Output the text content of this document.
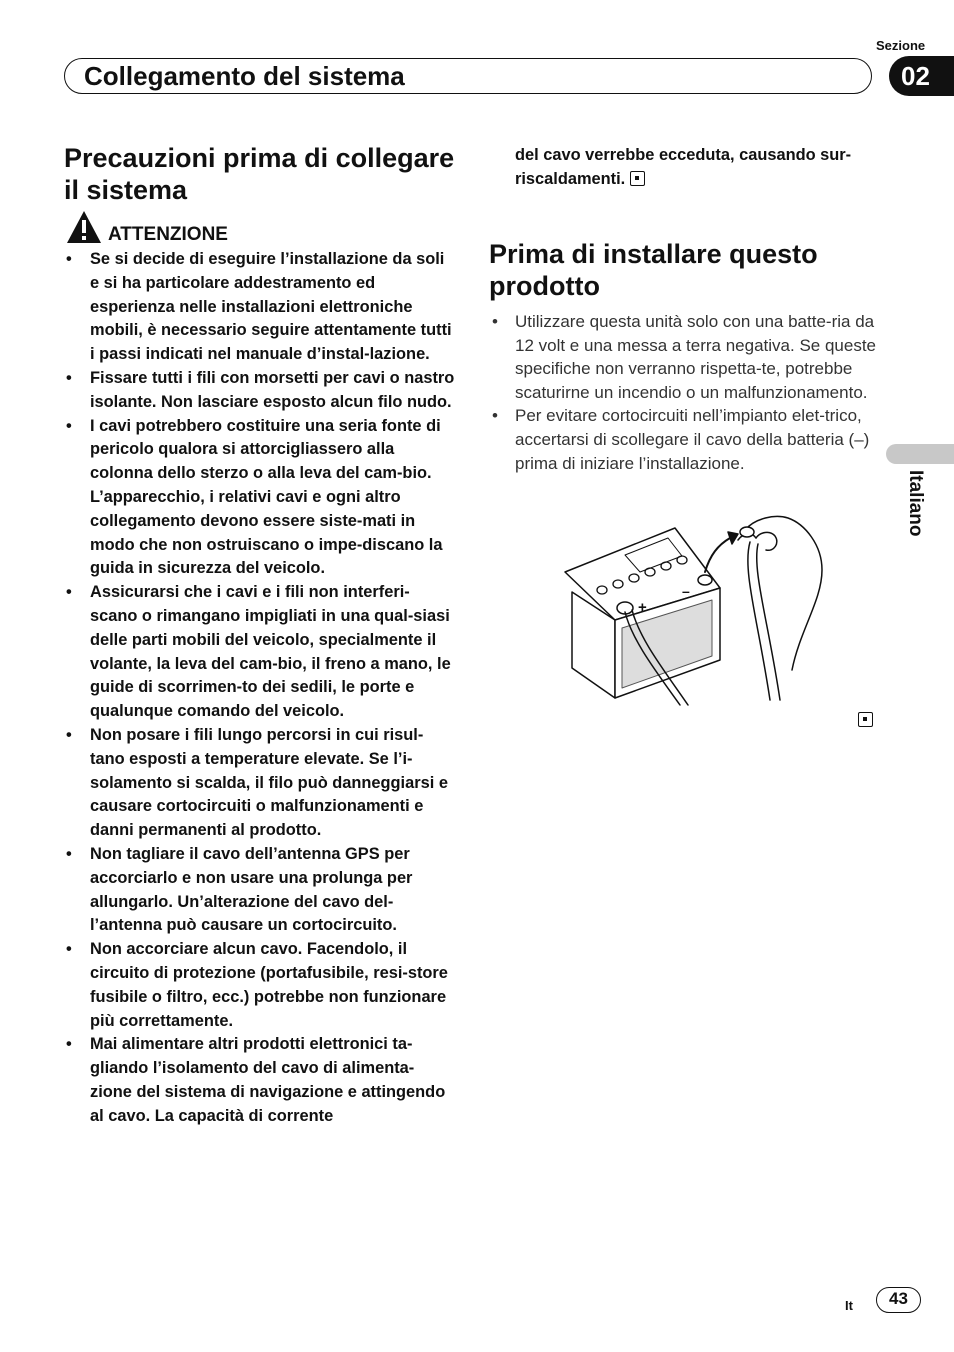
Sezione
Collegamento del sistema	02
Italiano
Precauzioni prima di collegare il sistema
ATTENZIONE
• Se si decide di eseguire l’installazione da soli e si ha particolare addestramento ed esperienza nelle installazioni elettroniche mobili, è necessario seguire attentamente tutti i passi indicati nel manuale d’instal-lazione.
• Fissare tutti i fili con morsetti per cavi o nastro isolante. Non lasciare esposto alcun filo nudo.
• I cavi potrebbero costituire una seria fonte di pericolo qualora si attorcigliassero alla colonna dello sterzo o alla leva del cam-bio. L’apparecchio, i relativi cavi e ogni altro collegamento devono essere siste-mati in modo che non ostruiscano o impe-discano la guida in sicurezza del veicolo.
• Assicurarsi che i cavi e i fili non interferi-scano o rimangano impigliati in una qual-siasi delle parti mobili del veicolo, specialmente il volante, la leva del cam-bio, il freno a mano, le guide di scorrimen-to dei sedili, le porte e qualunque comando del veicolo.
• Non posare i fili lungo percorsi in cui risul-tano esposti a temperature elevate. Se l’i-solamento si scalda, il filo può danneggiarsi e causare cortocircuiti o malfunzionamenti e danni permanenti al prodotto.
• Non tagliare il cavo dell’antenna GPS per accorciarlo e non usare una prolunga per allungarlo. Un’alterazione del cavo del-l’antenna può causare un cortocircuito.
• Non accorciare alcun cavo. Facendolo, il circuito di protezione (portafusibile, resi-store fusibile o filtro, ecc.) potrebbe non funzionare più correttamente.
• Mai alimentare altri prodotti elettronici ta-gliando l’isolamento del cavo di alimenta-zione del sistema di navigazione e attingendo al cavo. La capacità di corrente
del cavo verrebbe ecceduta, causando sur-riscaldamenti.
Prima di installare questo prodotto
• Utilizzare questa unità solo con una batte-ria da 12 volt e una messa a terra negativa. Se queste specifiche non verranno rispetta-te, potrebbe scaturirne un incendio o un malfunzionamento.
• Per evitare cortocircuiti nell’impianto elet-trico, accertarsi di scollegare il cavo della batteria (–) prima di iniziare l’installazione.
+
–
It	43
